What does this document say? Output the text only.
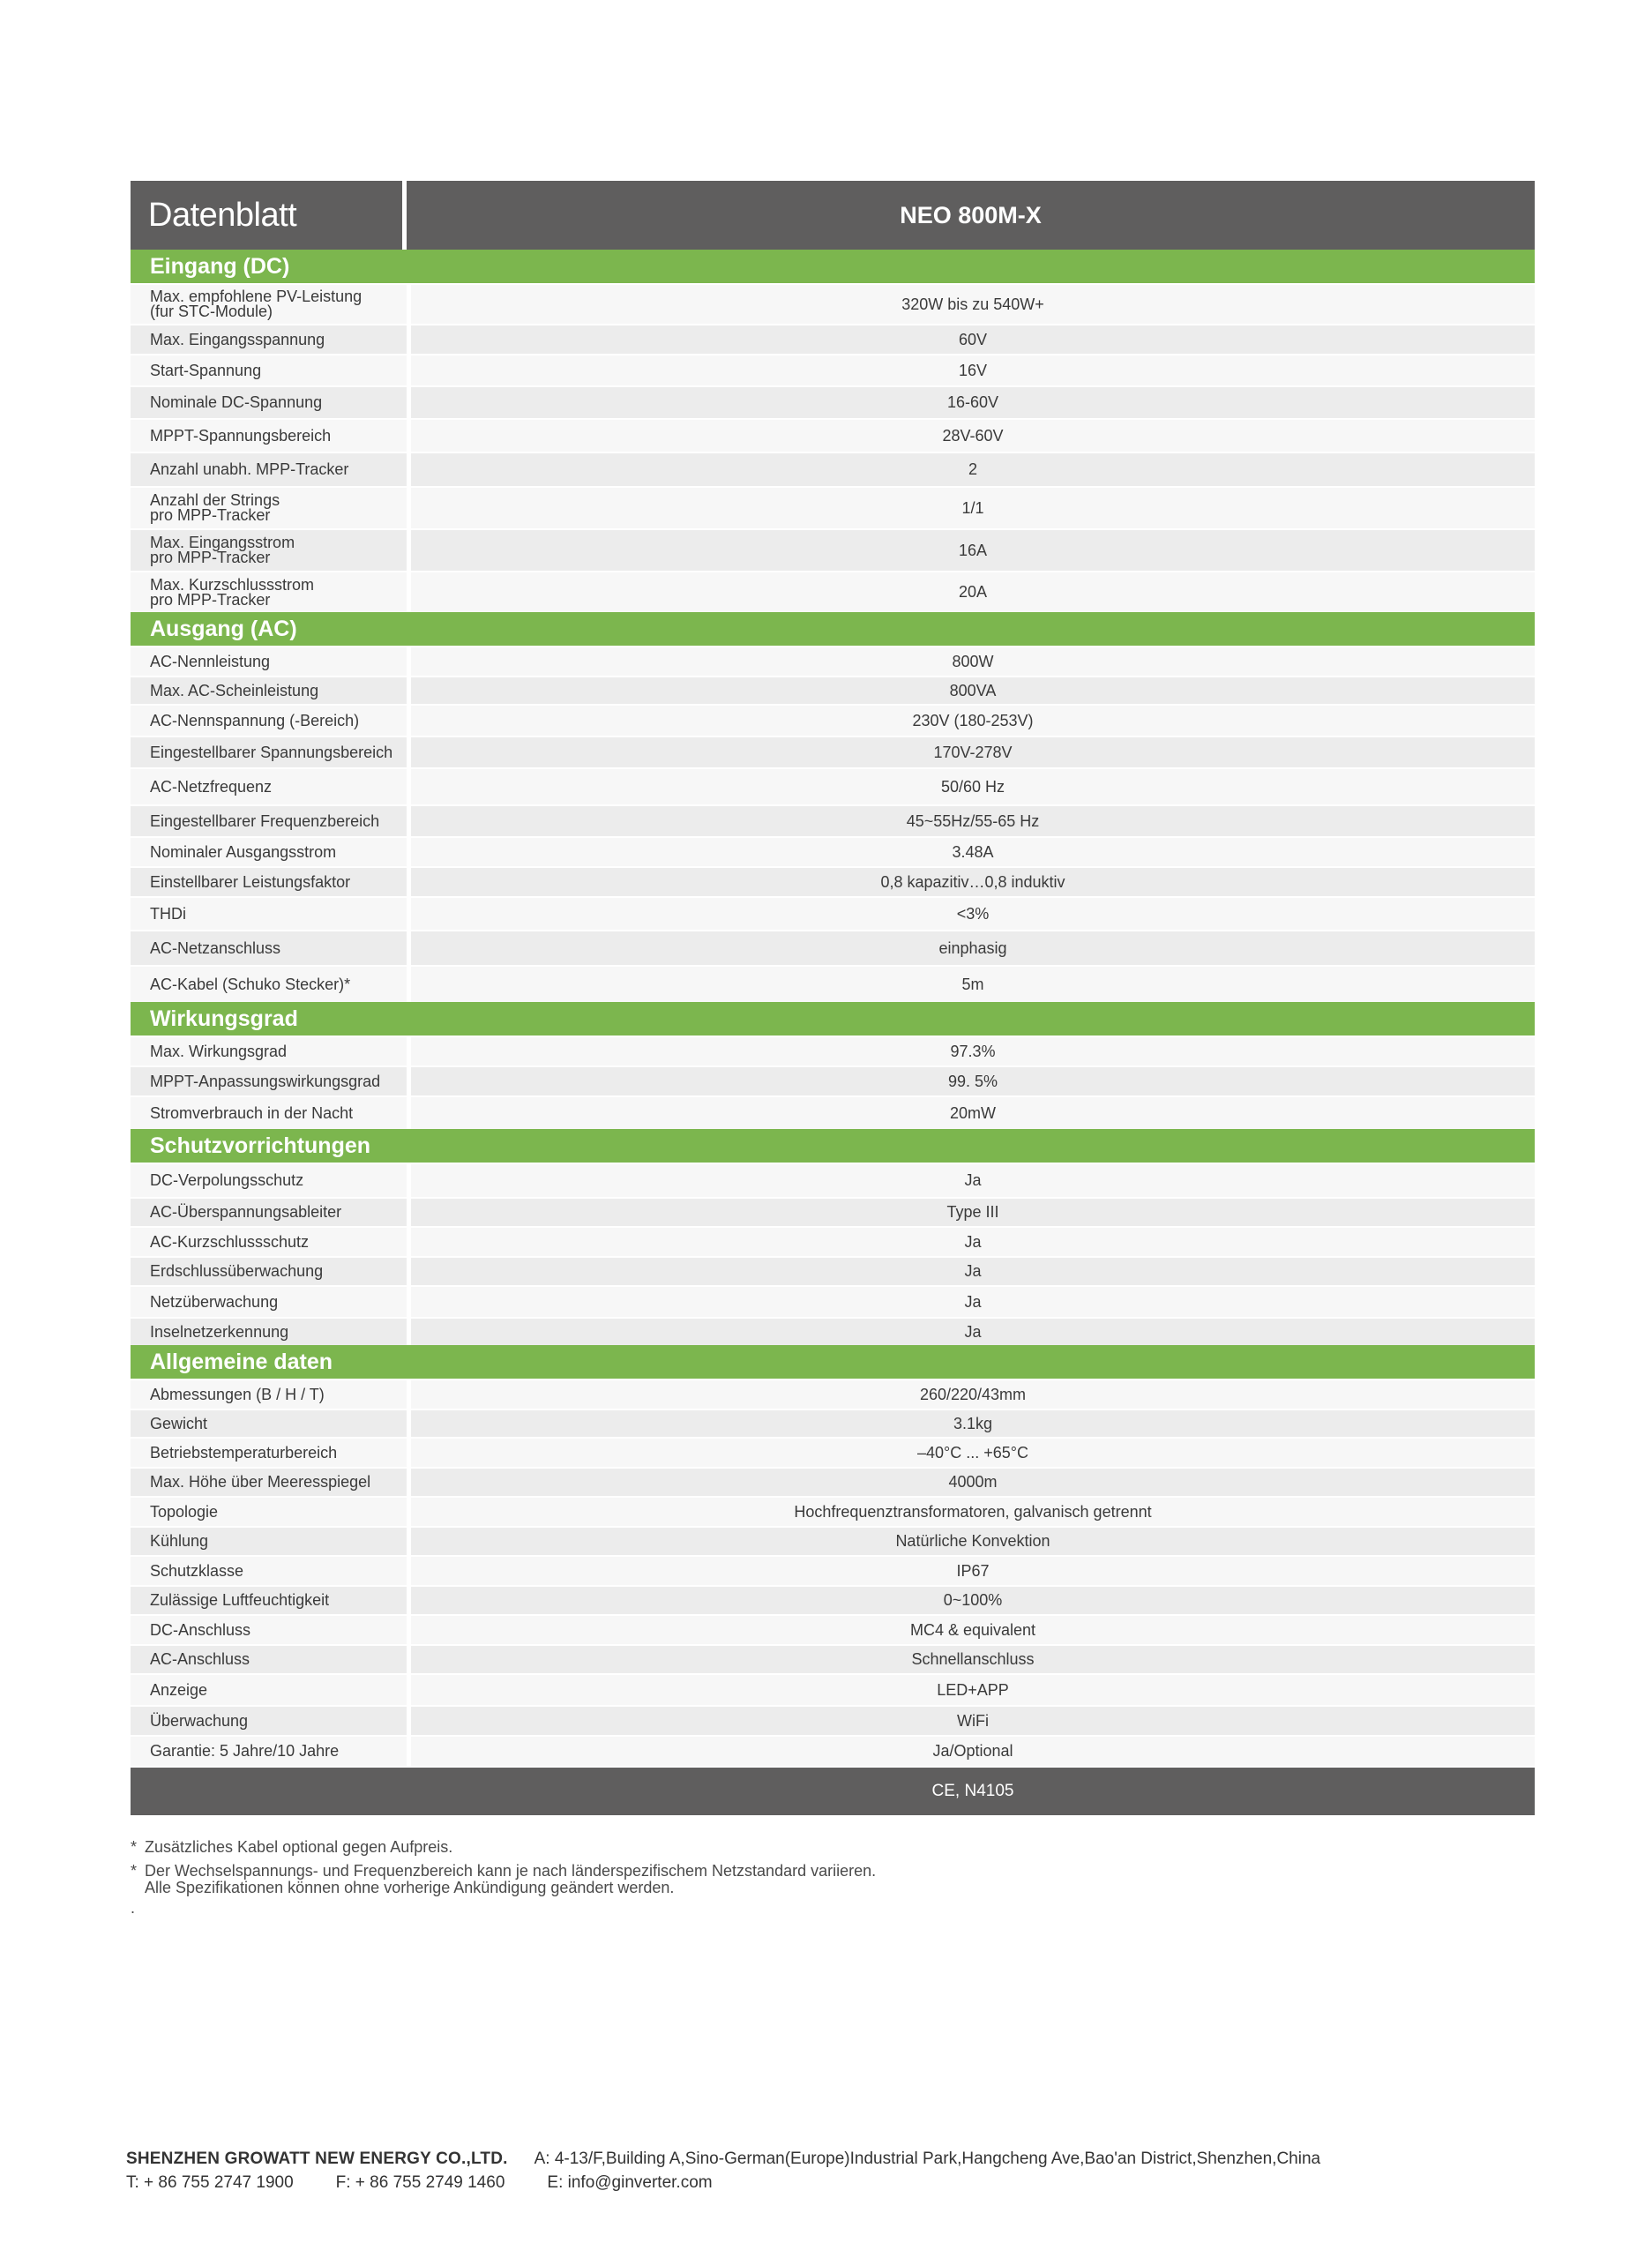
Datenblatt	NEO 800M-X
Eingang (DC)
Max. empfohlene PV-Leistung
(fur STC-Module)	320W bis zu 540W+
Max. Eingangsspannung	60V
Start-Spannung	16V
Nominale DC-Spannung	16-60V
MPPT-Spannungsbereich	28V-60V
Anzahl unabh. MPP-Tracker	2
Anzahl der Strings
pro MPP-Tracker	1/1
Max. Eingangsstrom
pro MPP-Tracker	16A
Max. Kurzschlussstrom
pro MPP-Tracker	20A
Ausgang (AC)
AC-Nennleistung	800W
Max. AC-Scheinleistung	800VA
AC-Nennspannung (-Bereich)	230V (180-253V)
Eingestellbarer Spannungsbereich	170V-278V
AC-Netzfrequenz	50/60 Hz
Eingestellbarer Frequenzbereich	45~55Hz/55-65 Hz
Nominaler Ausgangsstrom	3.48A
Einstellbarer Leistungsfaktor	0,8 kapazitiv…0,8 induktiv
THDi	<3%
AC-Netzanschluss	einphasig
AC-Kabel (Schuko Stecker)*	5m
Wirkungsgrad
Max. Wirkungsgrad	97.3%
MPPT-Anpassungswirkungsgrad	99. 5%
Stromverbrauch in der Nacht	20mW
Schutzvorrichtungen
DC-Verpolungsschutz	Ja
AC-Überspannungsableiter	Type III
AC-Kurzschlussschutz	Ja
Erdschlussüberwachung	Ja
Netzüberwachung	Ja
Inselnetzerkennung	Ja
Allgemeine daten
Abmessungen (B / H / T)	260/220/43mm
Gewicht	3.1kg
Betriebstemperaturbereich	–40°C ... +65°C
Max. Höhe über Meeresspiegel	4000m
Topologie	Hochfrequenztransformatoren, galvanisch getrennt
Kühlung	Natürliche Konvektion
Schutzklasse	IP67
Zulässige Luftfeuchtigkeit	0~100%
DC-Anschluss	MC4 & equivalent
AC-Anschluss	Schnellanschluss
Anzeige	LED+APP
Überwachung	WiFi
Garantie: 5 Jahre/10 Jahre	Ja/Optional
CE, N4105
* Zusätzliches Kabel optional gegen Aufpreis.
* Der Wechselspannungs- und Frequenzbereich kann je nach länderspezifischem Netzstandard variieren.
Alle Spezifikationen können ohne vorherige Ankündigung geändert werden.
.
SHENZHEN GROWATT NEW ENERGY CO.,LTD. A: 4-13/F,Building A,Sino-German(Europe)Industrial Park,Hangcheng Ave,Bao'an District,Shenzhen,China
T: + 86 755 2747 1900	F: + 86 755 2749 1460	E: info@ginverter.com
